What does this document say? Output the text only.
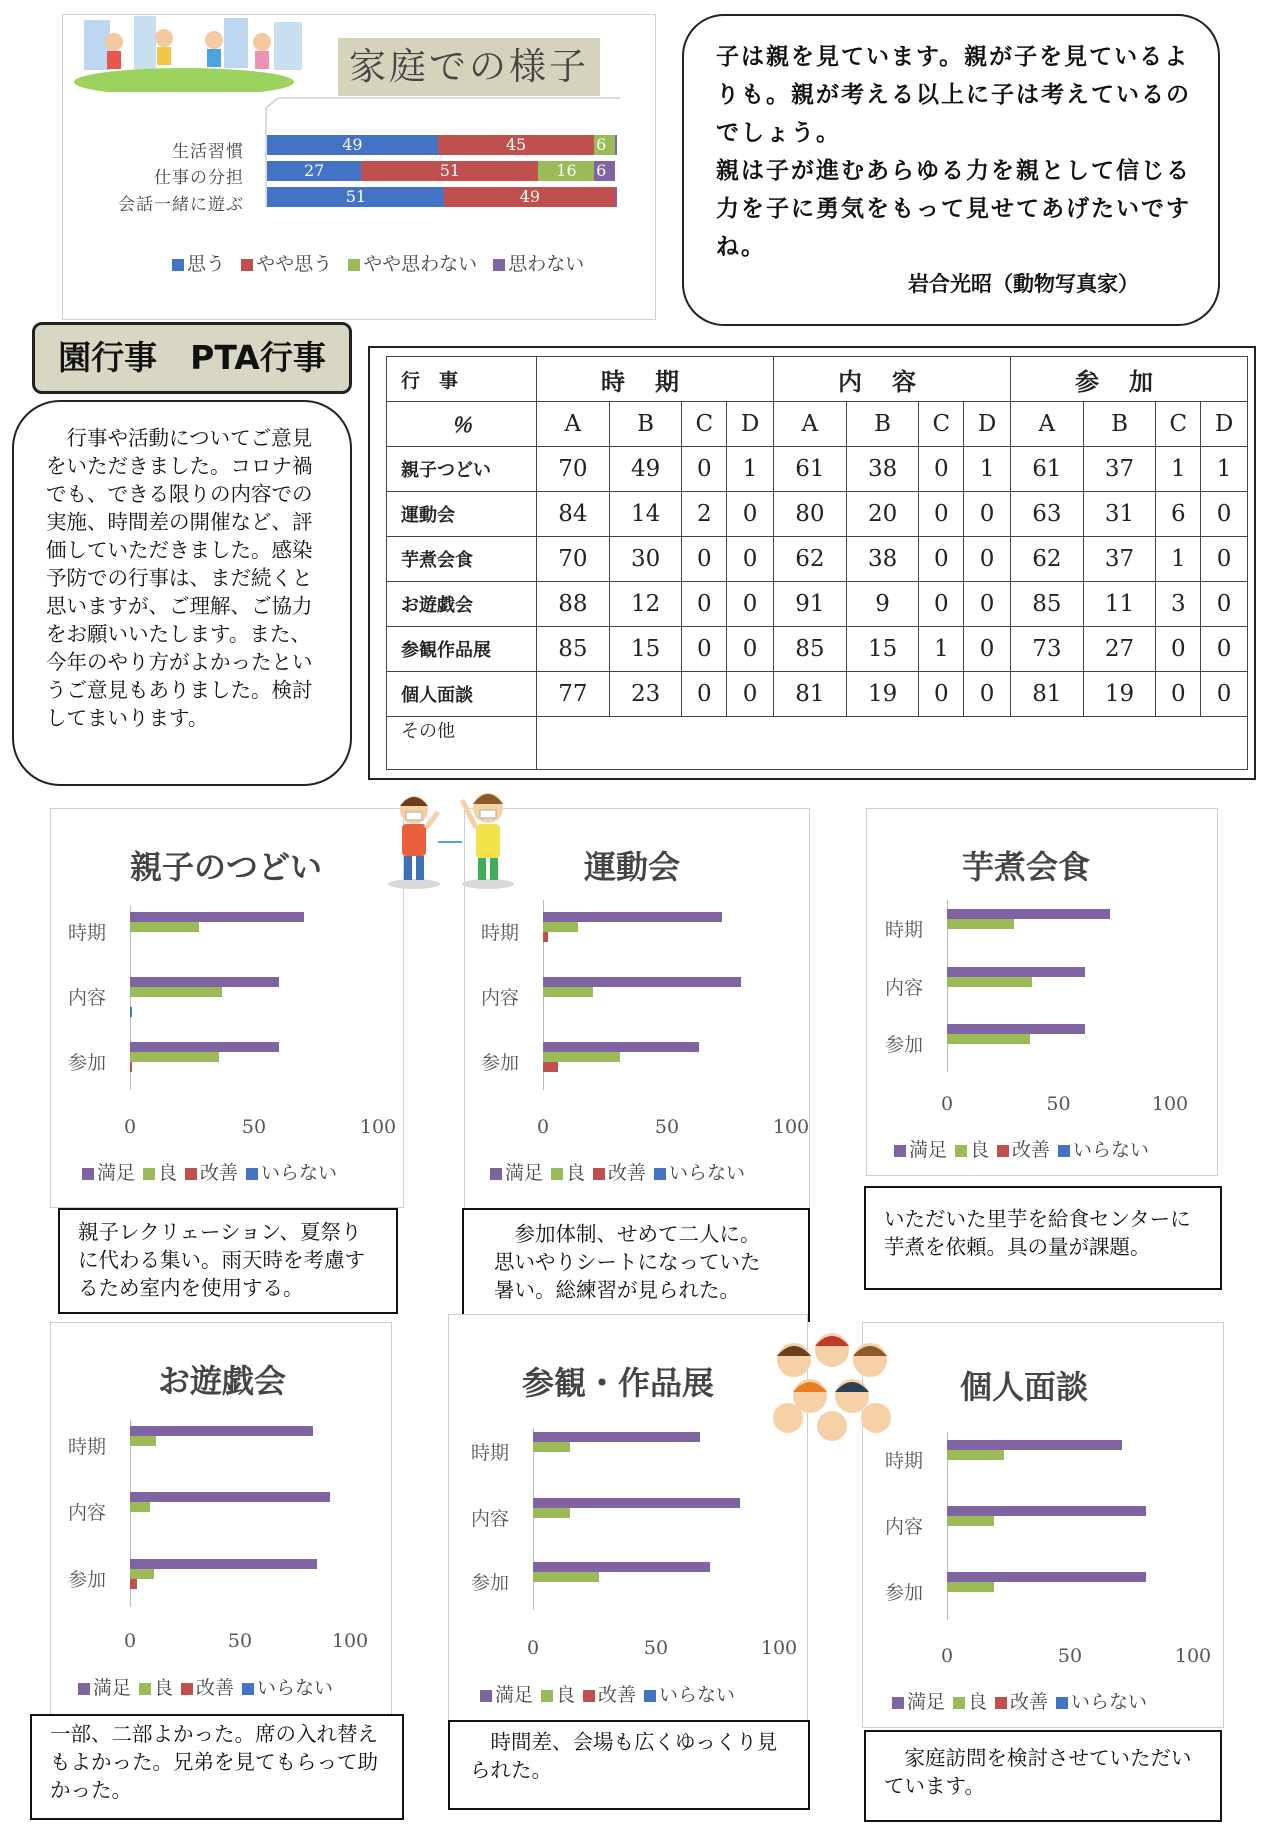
家庭での様子
生活習慣
仕事の分担
会話一緒に遊ぶ
49	45	6 0
27	51	16 6
51	49	0
思う やや思う やや思わない 思わない
子は親を見ています。親が子を見ているよりも。親が考える以上に子は考えているのでしょう。
親は子が進むあらゆる力を親として信じる力を子に勇気をもって見せてあげたいですね。
岩合光昭（動物写真家）
園行事　PTA行事
　行事や活動についてご意見をいただきました。コロナ禍でも、できる限りの内容での実施、時間差の開催など、評価していただきました。感染予防での行事は、まだ続くと思いますが、ご理解、ご協力をお願いいたします。また、今年のやり方がよかったというご意見もありました。検討してまいります。
行　事	時期				内容				参加			
％	A	B	C	D	A	B	C	D	A	B	C	D
親子つどい	70	49	0	1	61	38	0	1	61	37	1	1
運動会	84	14	2	0	80	20	0	0	63	31	6	0
芋煮会食	70	30	0	0	62	38	0	0	62	37	1	0
お遊戯会	88	12	0	0	91	9	0	0	85	11	3	0
参観作品展	85	15	0	0	85	15	1	0	73	27	0	0
個人面談	77	23	0	0	81	19	0	0	81	19	0	0
その他												
親子のつどい
時期
内容
参加
0	50	100
満足 良 改善 いらない
親子レクリェーション、夏祭りに代わる集い。雨天時を考慮するため室内を使用する。
運動会
時期
内容
参加
0	50	100
満足 良 改善 いらない
　参加体制、せめて二人に。
思いやりシートになっていた
暑い。総練習が見られた。
芋煮会食
時期
内容
参加
0	50	100
満足 良 改善 いらない
いただいた里芋を給食センターに芋煮を依頼。具の量が課題。
お遊戯会
時期
内容
参加
0	50	100
満足 良 改善 いらない
一部、二部よかった。席の入れ替えもよかった。兄弟を見てもらって助かった。
参観・作品展
時期
内容
参加
0	50	100
満足 良 改善 いらない
　時間差、会場も広くゆっくり見られた。
個人面談
時期
内容
参加
0	50	100
満足 良 改善 いらない
　家庭訪問を検討させていただいています。
